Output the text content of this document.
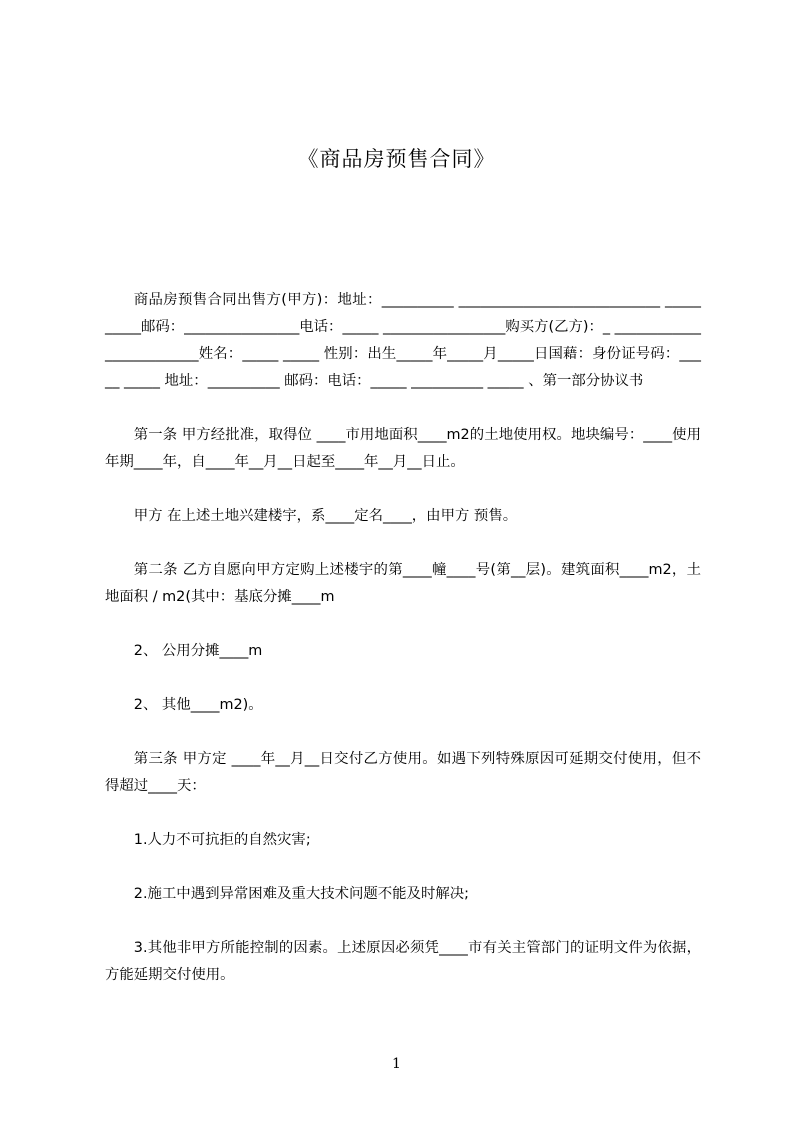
《商品房预售合同》

商品房预售合同出售方(甲方)：地址：__________ ____________________________ __________邮码：________________电话：_____ _________________购买方(乙方)：_ _________________________姓名：_____ _____ 性别：出生_____年_____月_____日国藉：身份证号码：_____ _____ 地址：__________ 邮码：电话：_____ __________ _____ 、第一部分协议书

第一条 甲方经批准，取得位 ____市用地面积____m2的土地使用权。地块编号：____使用年期____年，自____年__月__日起至____年__月__日止。

甲方 在上述土地兴建楼宇，系____定名____，由甲方 预售。

第二条 乙方自愿向甲方定购上述楼宇的第____幢____号(第__层)。建筑面积____m2，土地面积 / m2(其中：基底分摊____m

2、 公用分摊____m

2、 其他____m2)。

第三条 甲方定 ____年__月__日交付乙方使用。如遇下列特殊原因可延期交付使用，但不得超过____天：

1.人力不可抗拒的自然灾害;

2.施工中遇到异常困难及重大技术问题不能及时解决;

3.其他非甲方所能控制的因素。上述原因必须凭____市有关主管部门的证明文件为依据，方能延期交付使用。

1
